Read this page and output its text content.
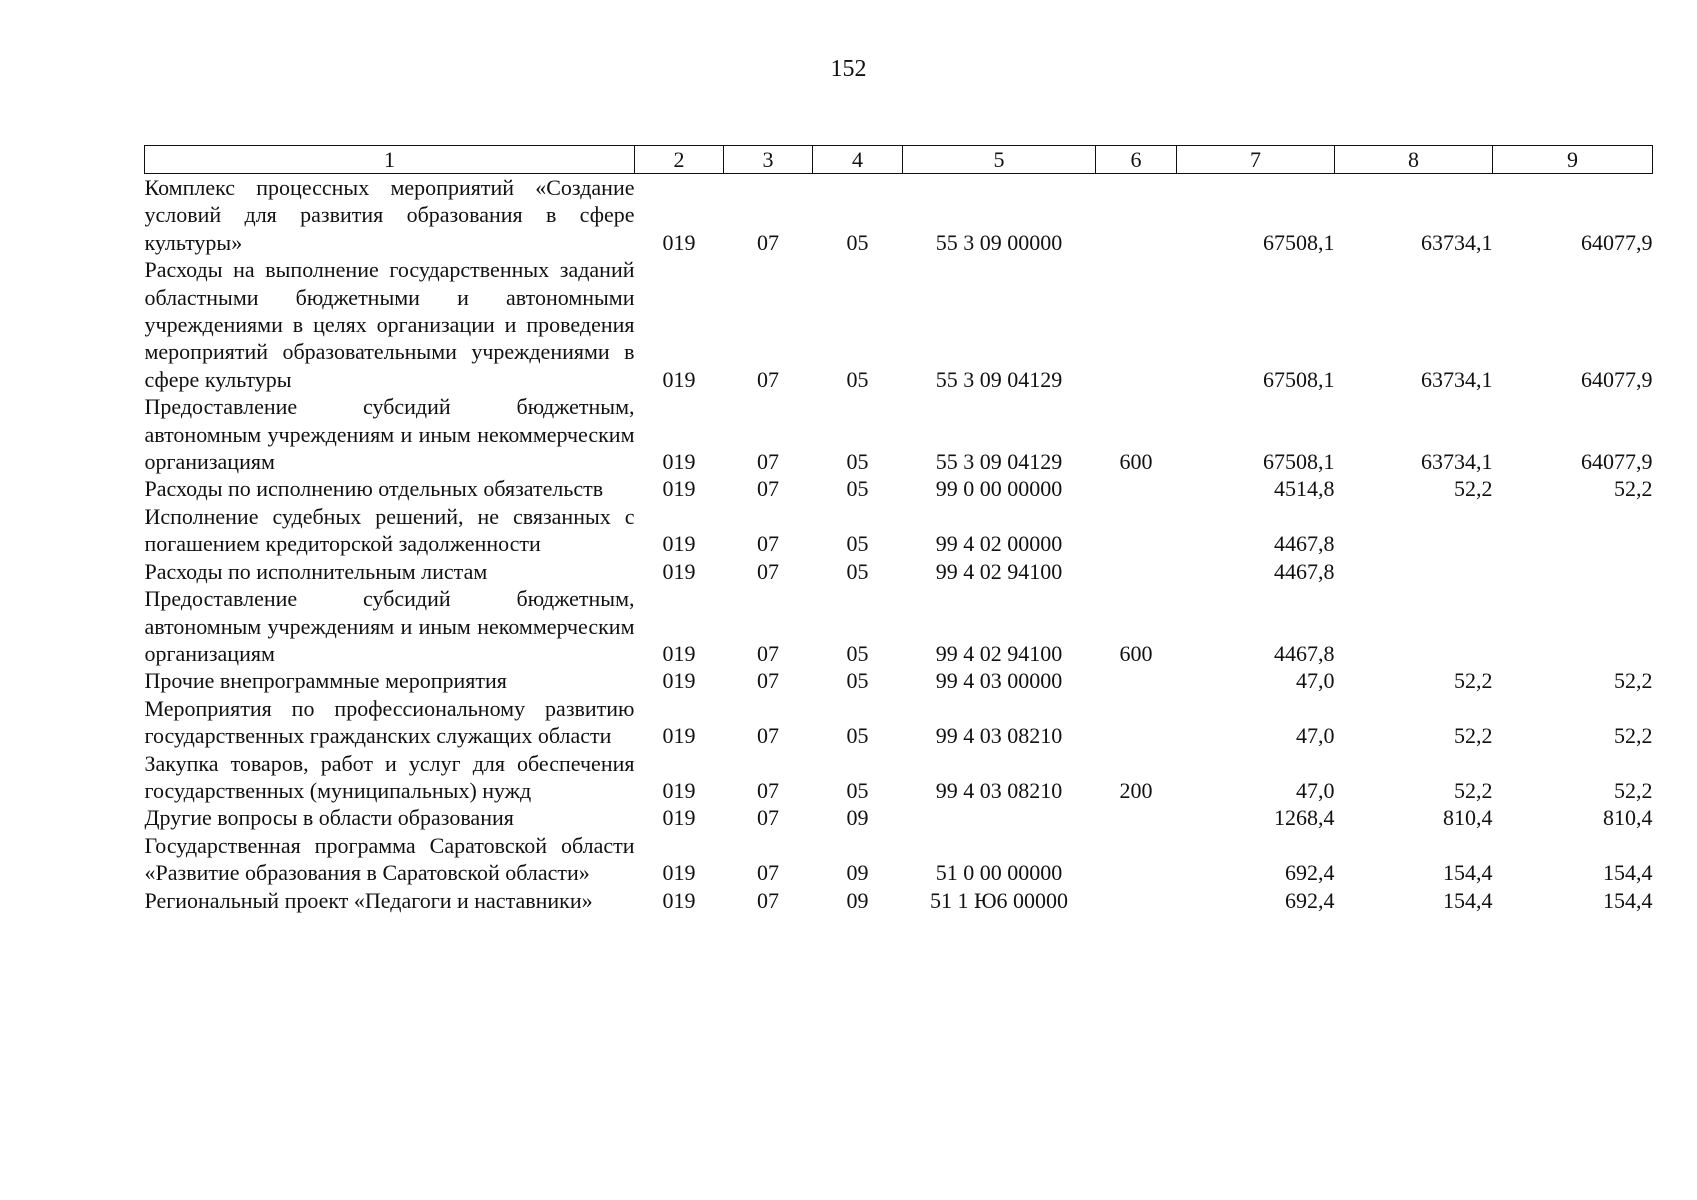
152
1	2	3	4	5	6	7	8	9
Комплекс процессных мероприятий «Создание условий для развития образования в сфере культуры»	019	07	05	55 3 09 00000		67508,1	63734,1	64077,9
Расходы на выполнение государственных заданий областными бюджетными и автономными учреждениями в целях организации и проведения мероприятий образовательными учреждениями в сфере культуры	019	07	05	55 3 09 04129		67508,1	63734,1	64077,9
Предоставление субсидий бюджетным, автономным учреждениям и иным некоммерческим организациям	019	07	05	55 3 09 04129	600	67508,1	63734,1	64077,9
Расходы по исполнению отдельных обязательств	019	07	05	99 0 00 00000		4514,8	52,2	52,2
Исполнение судебных решений, не связанных с погашением кредиторской задолженности	019	07	05	99 4 02 00000		4467,8		
Расходы по исполнительным листам	019	07	05	99 4 02 94100		4467,8		
Предоставление субсидий бюджетным, автономным учреждениям и иным некоммерческим организациям	019	07	05	99 4 02 94100	600	4467,8		
Прочие внепрограммные мероприятия	019	07	05	99 4 03 00000		47,0	52,2	52,2
Мероприятия по профессиональному развитию государственных гражданских служащих области	019	07	05	99 4 03 08210		47,0	52,2	52,2
Закупка товаров, работ и услуг для обеспечения государственных (муниципальных) нужд	019	07	05	99 4 03 08210	200	47,0	52,2	52,2
Другие вопросы в области образования	019	07	09			1268,4	810,4	810,4
Государственная программа Саратовской области «Развитие образования в Саратовской области»	019	07	09	51 0 00 00000		692,4	154,4	154,4
Региональный проект «Педагоги и наставники»	019	07	09	51 1 Ю6 00000		692,4	154,4	154,4
